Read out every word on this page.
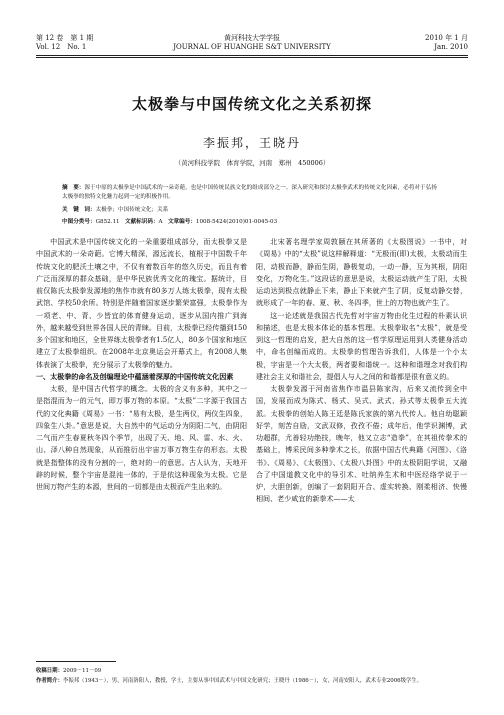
第 12 卷　第 1 期
Vol. 12　No. 1
黄河科技大学学报
JOURNAL OF HUANGHE S&T UNIVERSITY
2010 年 1 月
Jan. 2010
太极拳与中国传统文化之关系初探
李振邦，王晓丹
（黄河科技学院　体育学院，河南　郑州　450006）
摘　要：源于中原的太极拳是中国武术的一朵奇葩，也是中国传统民族文化的组成部分之一。深入研究和探讨太极拳武术的传统文化因素，必将对于弘扬太极拳的独特文化魅力起到一定的积极作用。
关　键　词：太极拳；中国传统文化；关系
中图分类号：G852.11 文献标识码：A 文章编号：1008-5424(2010)01-0045-03

中国武术是中国传统文化的一朵重要组成部分，而太极拳又是中国武术的一朵奇葩。它博大精深，源远流长，植根于中国数千年传统文化的肥沃土壤之中，不仅有着数百年的悠久历史，而且有着广泛而深厚的群众基础，是中华民族优秀文化的瑰宝。据统计，目前仅陈氏太极拳发源地的焦作市就有80多万人练太极拳，现有太极武馆、学校50余所。特别是伴随着国家逐步繁荣富强，太极拳作为一项老、中、青、少皆宜的体育健身运动，逐步从国内推广到海外，越来越受到世界各国人民的青睐。目前，太极拳已经传播到150多个国家和地区，全世界练太极拳者有1.5亿人，80多个国家和地区建立了太极拳组织。在2008年北京奥运会开幕式上，有2008人集体表演了太极拳，充分展示了太极拳的魅力。

一、太极拳的命名及创编理论中蕴涵着深厚的中国传统文化因素

太极，是中国古代哲学的概念。太极的含义有多种，其中之一是指混而为一的元气，即万事万物的本原。“太极”二字源于我国古代的文化典籍《周易》一书：“易有太极，是生两仪，两仪生四象，四象生八卦。”意思是说，大自然中的气运动分为阴阳二气，由阴阳二气而产生春夏秋冬四个季节，出现了天、地、风、雷、水、火、山、泽八种自然现象，从而推衍出宇宙万事万物生存的形态。太极就是指整体的没有分割的一，绝对的一的意思。古人认为，天地开辟的时候，整个宇宙是混沌一体的，于是依这种现象为太极。它是世间万物产生的本源，世间的一切都是由太极而产生出来的。

北宋著名理学家周敦颐在其所著的《太极图说》一书中，对《周易》中的“太极”说这样解释道：“无极而(即)太极，太极动而生阳，动极而静，静而生阴，静极复动，一动一静，互为其根，阴阳变化，万物化生。”这段话的意思是说，太极运动就产生了阳，太极运动达到极点就静止下来，静止下来就产生了阴，反复动静交替，就形成了一年的春、夏、秋、冬四季，世上的万物也就产生了。

这一论述就是我国古代先哲对宇宙万物由化生过程的朴素认识和描述，也是太极本体论的基本哲理。太极拳取名“太极”，就是受到这一哲理的启发，把大自然的这一哲学原理运用到人类健身活动中，命名创编而成的。太极拳的哲理告诉我们，人体是一个小太极，宇宙是一个大太极，两者要和谐统一。这种和谐理念对我们构建社会主义和谐社会，提倡人与人之间的和谐都是很有意义的。

太极拳发源于河南省焦作市温县陈家沟，后来又流传到全中国，发展而成为陈式、杨式、吴式、武式、孙式等太极拳五大流派。太极拳的创始人陈王廷是陈氏家族的第九代传人。他自幼聪颖好学，刻苦自励，文武双修，孜孜不倦；成年后，他学识渊博，武功超群，尤善轻功绝技，晚年，他又立志“造拳”，在其祖传拳术的基础上，博采民间多种拳术之长，依据中国古代典籍《河图》、《洛书》、《周易》、《太极图》、《太极八卦图》中的太极阴阳学说，又融合了中国道教文化中的导引术、吐纳养生术和中医经络学说于一炉，大胆创新，创编了一套阴阳开合、虚实转换、刚柔相济、快慢相间、老少咸宜的新拳术——太

收稿日期：2009－11－09
作者简介：李振邦（1943－），男，河南洛阳人，教授，学士，主要从事中国武术与中国文化研究；王晓丹（1986－），女，河南安阳人，武术专业2006级学生。
